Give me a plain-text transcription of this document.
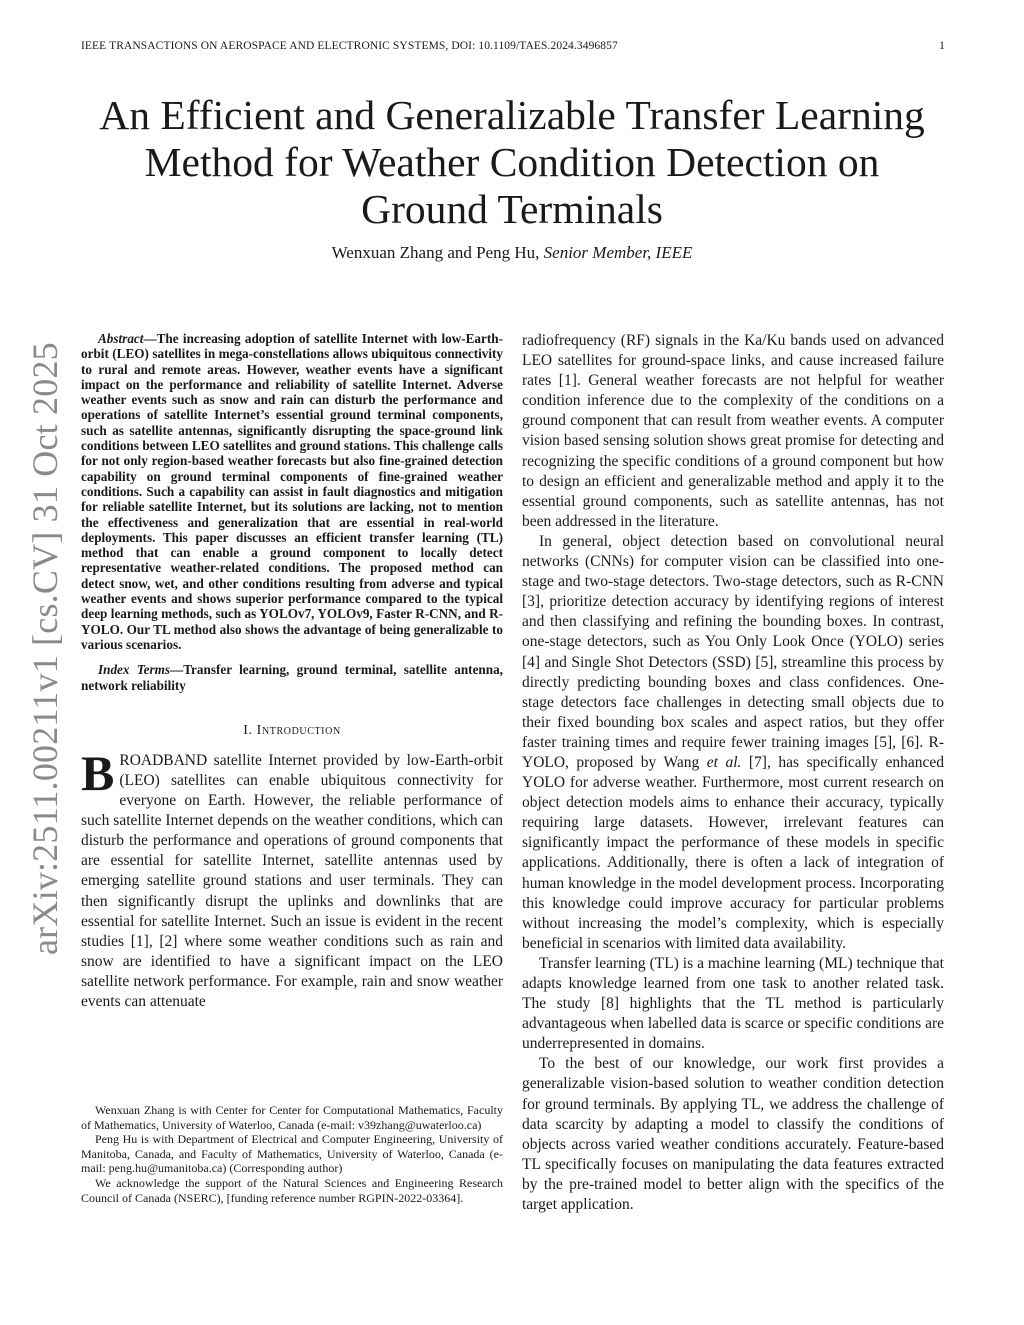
IEEE TRANSACTIONS ON AEROSPACE AND ELECTRONIC SYSTEMS, DOI: 10.1109/TAES.2024.3496857	1
arXiv:2511.00211v1 [cs.CV] 31 Oct 2025
An Efficient and Generalizable Transfer Learning Method for Weather Condition Detection on Ground Terminals
Wenxuan Zhang and Peng Hu, Senior Member, IEEE

Abstract—The increasing adoption of satellite Internet with low-Earth-orbit (LEO) satellites in mega-constellations allows ubiquitous connectivity to rural and remote areas. However, weather events have a significant impact on the performance and reliability of satellite Internet. Adverse weather events such as snow and rain can disturb the performance and operations of satellite Internet’s essential ground terminal components, such as satellite antennas, significantly disrupting the space-ground link conditions between LEO satellites and ground stations. This challenge calls for not only region-based weather forecasts but also fine-grained detection capability on ground terminal components of fine-grained weather conditions. Such a capability can assist in fault diagnostics and mitigation for reliable satellite Internet, but its solutions are lacking, not to mention the effectiveness and generalization that are essential in real-world deployments. This paper discusses an efficient transfer learning (TL) method that can enable a ground component to locally detect representative weather-related conditions. The proposed method can detect snow, wet, and other conditions resulting from adverse and typical weather events and shows superior performance compared to the typical deep learning methods, such as YOLOv7, YOLOv9, Faster R-CNN, and R-YOLO. Our TL method also shows the advantage of being generalizable to various scenarios.

Index Terms—Transfer learning, ground terminal, satellite antenna, network reliability

I. Introduction

BROADBAND satellite Internet provided by low-Earth-orbit (LEO) satellites can enable ubiquitous connectivity for everyone on Earth. However, the reliable performance of such satellite Internet depends on the weather conditions, which can disturb the performance and operations of ground components that are essential for satellite Internet, satellite antennas used by emerging satellite ground stations and user terminals. They can then significantly disrupt the uplinks and downlinks that are essential for satellite Internet. Such an issue is evident in the recent studies [1], [2] where some weather conditions such as rain and snow are identified to have a significant impact on the LEO satellite network performance. For example, rain and snow weather events can attenuate

radiofrequency (RF) signals in the Ka/Ku bands used on advanced LEO satellites for ground-space links, and cause increased failure rates [1]. General weather forecasts are not helpful for weather condition inference due to the complexity of the conditions on a ground component that can result from weather events. A computer vision based sensing solution shows great promise for detecting and recognizing the specific conditions of a ground component but how to design an efficient and generalizable method and apply it to the essential ground components, such as satellite antennas, has not been addressed in the literature.

In general, object detection based on convolutional neural networks (CNNs) for computer vision can be classified into one-stage and two-stage detectors. Two-stage detectors, such as R-CNN [3], prioritize detection accuracy by identifying regions of interest and then classifying and refining the bounding boxes. In contrast, one-stage detectors, such as You Only Look Once (YOLO) series [4] and Single Shot Detectors (SSD) [5], streamline this process by directly predicting bounding boxes and class confidences. One-stage detectors face challenges in detecting small objects due to their fixed bounding box scales and aspect ratios, but they offer faster training times and require fewer training images [5], [6]. R-YOLO, proposed by Wang et al. [7], has specifically enhanced YOLO for adverse weather. Furthermore, most current research on object detection models aims to enhance their accuracy, typically requiring large datasets. However, irrelevant features can significantly impact the performance of these models in specific applications. Additionally, there is often a lack of integration of human knowledge in the model development process. Incorporating this knowledge could improve accuracy for particular problems without increasing the model’s complexity, which is especially beneficial in scenarios with limited data availability.

Transfer learning (TL) is a machine learning (ML) technique that adapts knowledge learned from one task to another related task. The study [8] highlights that the TL method is particularly advantageous when labelled data is scarce or specific conditions are underrepresented in domains.

To the best of our knowledge, our work first provides a generalizable vision-based solution to weather condition detection for ground terminals. By applying TL, we address the challenge of data scarcity by adapting a model to classify the conditions of objects across varied weather conditions accurately. Feature-based TL specifically focuses on manipulating the data features extracted by the pre-trained model to better align with the specifics of the target application.

Wenxuan Zhang is with Center for Center for Computational Mathematics, Faculty of Mathematics, University of Waterloo, Canada (e-mail: v39zhang@uwaterloo.ca)

Peng Hu is with Department of Electrical and Computer Engineering, University of Manitoba, Canada, and Faculty of Mathematics, University of Waterloo, Canada (e-mail: peng.hu@umanitoba.ca) (Corresponding author)

We acknowledge the support of the Natural Sciences and Engineering Research Council of Canada (NSERC), [funding reference number RGPIN-2022-03364].
